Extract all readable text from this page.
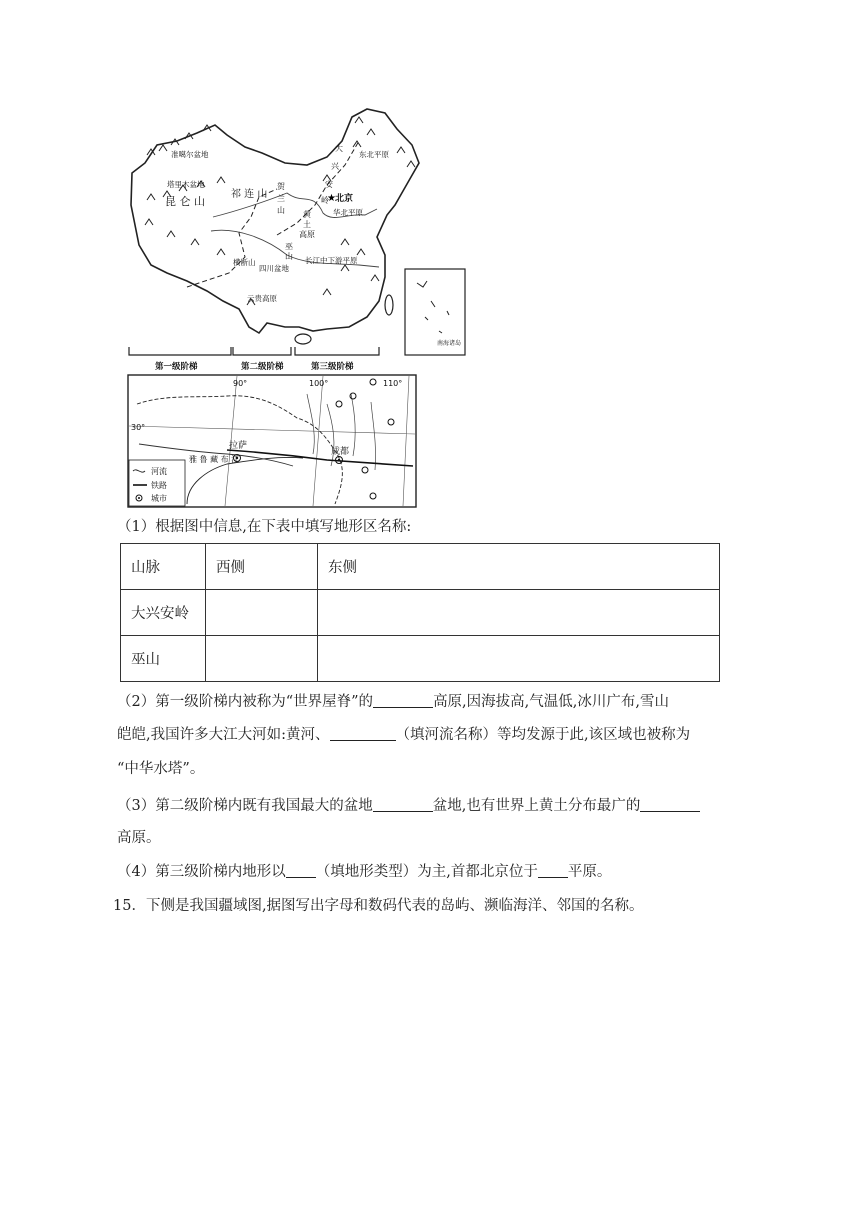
准噶尔盆地
塔里木盆地
昆 仑 山
祁 连 山
大
兴
安
岭
贺
兰
山 黄
土
高 原
北京
东北平原
华北平原
长江中下游平原
四川盆地
云贵高原
横断山
巫
山
★
南海诸岛
第一级阶梯	第二级阶梯	第三级阶梯
90°	100°	110°
30°
拉萨
成都
雅 鲁 藏 布 江
河流
铁路
城市

（1）根据图中信息,在下表中填写地形区名称:

山脉	西侧	东侧
大兴安岭		
巫山		

（2）第一级阶梯内被称为“世界屋脊”的	高原,因海拔高,气温低,冰川广布,雪山

皑皑,我国许多大江大河如:黄河、	（填河流名称）等均发源于此,该区域也被称为

“中华水塔”。

（3）第二级阶梯内既有我国最大的盆地	盆地,也有世界上黄土分布最广的

高原。

（4）第三级阶梯内地形以 （填地形类型）为主,首都北京位于 平原。

15．下侧是我国疆域图,据图写出字母和数码代表的岛屿、濒临海洋、邻国的名称。
